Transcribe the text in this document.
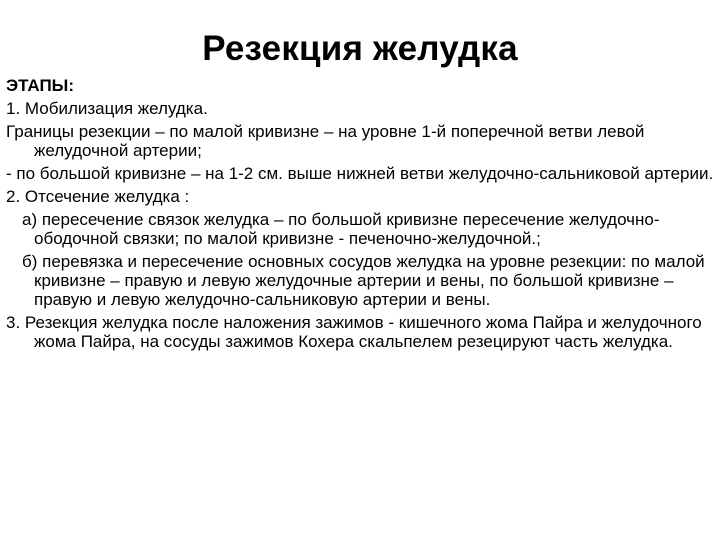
Резекция желудка

ЭТАПЫ:

1. Мобилизация желудка.

Границы резекции – по малой кривизне – на уровне 1-й поперечной ветви левой желудочной артерии;

- по большой кривизне – на 1-2 см. выше нижней ветви желудочно-сальниковой артерии.

2. Отсечение желудка :

а) пересечение связок желудка – по большой кривизне пересечение желудочно-ободочной связки; по малой кривизне - печеночно-желудочной.;

б) перевязка и пересечение основных сосудов желудка на уровне резекции: по малой кривизне – правую и левую желудочные артерии и вены, по большой кривизне – правую и левую желудочно-сальниковую артерии и вены.

3. Резекция желудка после наложения зажимов - кишечного жома Пайра и желудочного жома Пайра, на сосуды зажимов Кохера скальпелем резецируют часть желудка.
